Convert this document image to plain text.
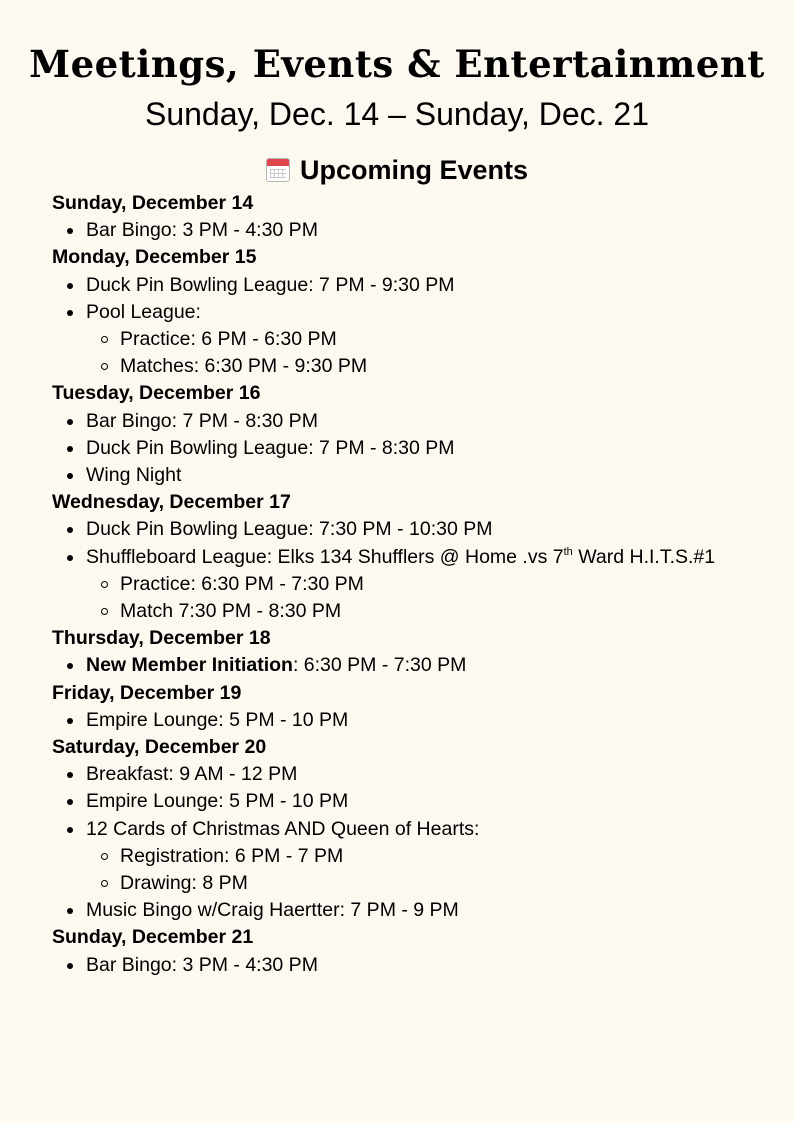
Meetings, Events & Entertainment
Sunday, Dec. 14 – Sunday, Dec. 21
Upcoming Events
Sunday, December 14
Bar Bingo: 3 PM - 4:30 PM
Monday, December 15
Duck Pin Bowling League: 7 PM - 9:30 PM
Pool League:
Practice: 6 PM - 6:30 PM
Matches: 6:30 PM - 9:30 PM
Tuesday, December 16
Bar Bingo: 7 PM - 8:30 PM
Duck Pin Bowling League: 7 PM - 8:30 PM
Wing Night
Wednesday, December 17
Duck Pin Bowling League: 7:30 PM - 10:30 PM
Shuffleboard League: Elks 134 Shufflers @ Home .vs 7th Ward H.I.T.S.#1
Practice: 6:30 PM - 7:30 PM
Match 7:30 PM - 8:30 PM
Thursday, December 18
New Member Initiation: 6:30 PM - 7:30 PM
Friday, December 19
Empire Lounge: 5 PM - 10 PM
Saturday, December 20
Breakfast: 9 AM - 12 PM
Empire Lounge: 5 PM - 10 PM
12 Cards of Christmas AND Queen of Hearts:
Registration: 6 PM - 7 PM
Drawing: 8 PM
Music Bingo w/Craig Haertter: 7 PM - 9 PM
Sunday, December 21
Bar Bingo: 3 PM - 4:30 PM
